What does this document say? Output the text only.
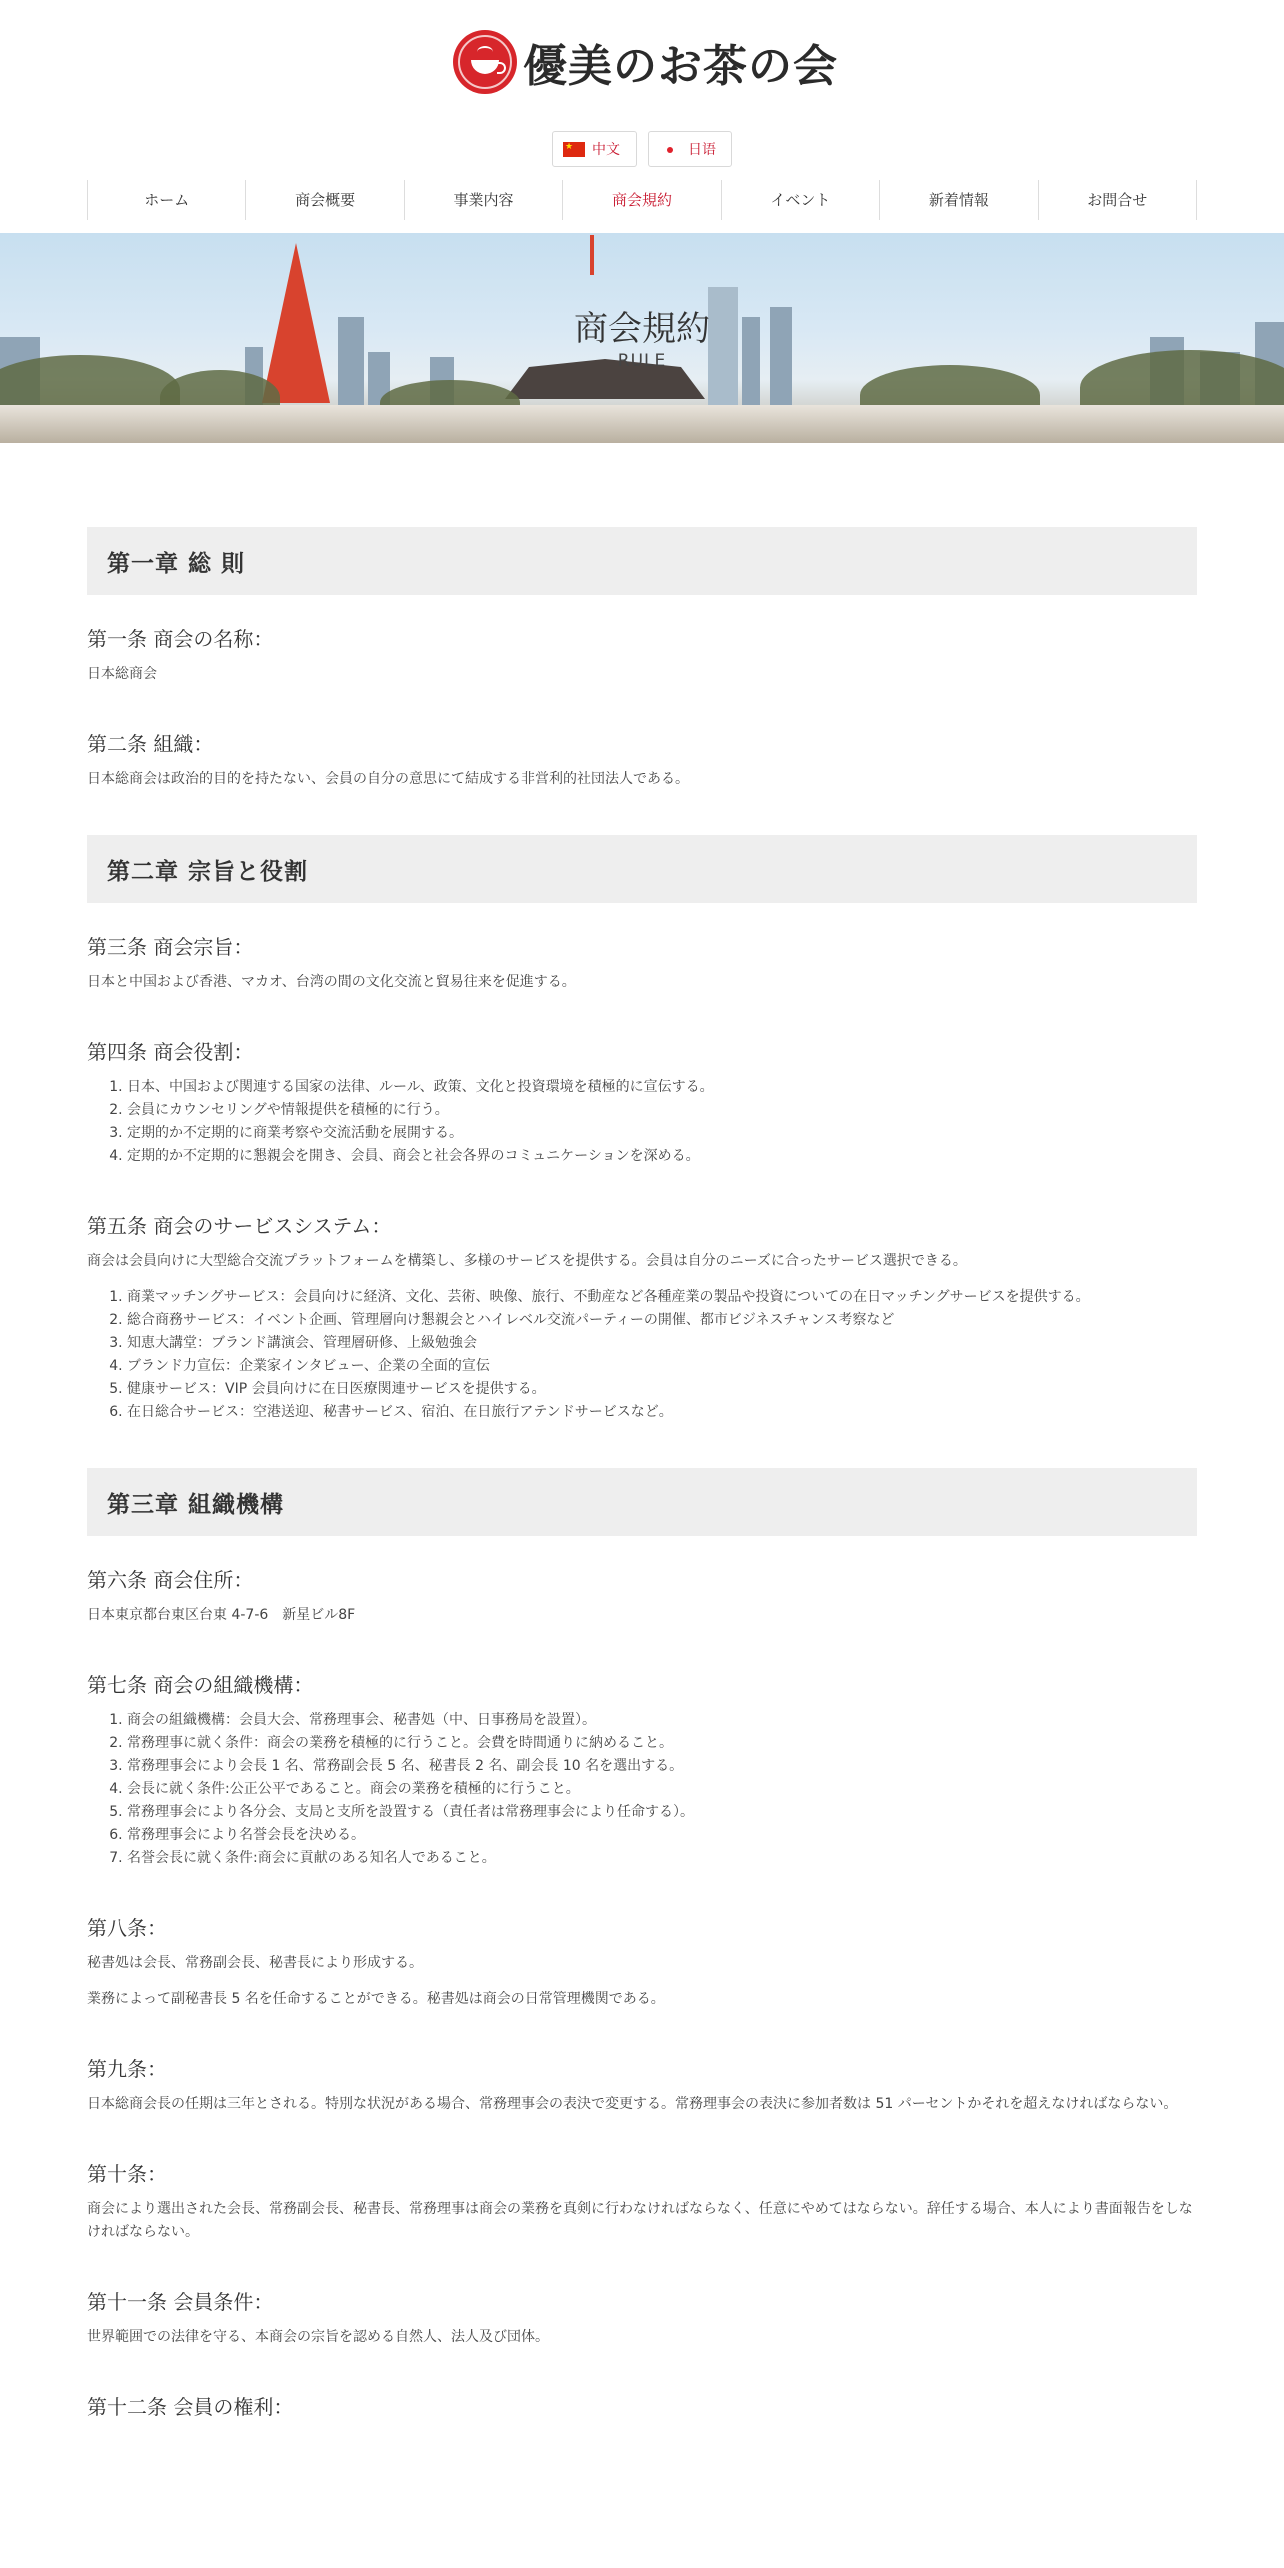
優美のお茶の会
★
中文	日语
ホーム	商会概要	事業内容	商会規約	イベント	新着情報	お問合せ
商会規約
RULE
第一章 総 則
第一条 商会の名称：

日本総商会

第二条 組織：

日本総商会は政治的目的を持たない、会員の自分の意思にて結成する非営利的社団法人である。

第二章 宗旨と役割
第三条 商会宗旨：

日本と中国および香港、マカオ、台湾の間の文化交流と貿易往来を促進する。

第四条 商会役割：
1. 日本、中国および関連する国家の法律、ルール、政策、文化と投資環境を積極的に宣伝する。
2. 会員にカウンセリングや情報提供を積極的に行う。
3. 定期的か不定期的に商業考察や交流活動を展開する。
4. 定期的か不定期的に懇親会を開き、会員、商会と社会各界のコミュニケーションを深める。
第五条 商会のサービスシステム：

商会は会員向けに大型総合交流プラットフォームを構築し、多様のサービスを提供する。会員は自分のニーズに合ったサービス選択できる。

1. 商業マッチングサービス：会員向けに経済、文化、芸術、映像、旅行、不動産など各種産業の製品や投資についての在日マッチングサービスを提供する。
2. 総合商務サービス：イベント企画、管理層向け懇親会とハイレベル交流パーティーの開催、都市ビジネスチャンス考察など
3. 知恵大講堂：ブランド講演会、管理層研修、上級勉強会
4. ブランド力宣伝：企業家インタビュー、企業の全面的宣伝
5. 健康サービス：VIP 会員向けに在日医療関連サービスを提供する。
6. 在日総合サービス：空港送迎、秘書サービス、宿泊、在日旅行アテンドサービスなど。
第三章 組織機構
第六条 商会住所：

日本東京都台東区台東 4-7-6　新星ビル8F

第七条 商会の組織機構：
1. 商会の組織機構：会員大会、常務理事会、秘書処（中、日事務局を設置）。
2. 常務理事に就く条件：商会の業務を積極的に行うこと。会費を時間通りに納めること。
3. 常務理事会により会長 1 名、常務副会長 5 名、秘書長 2 名、副会長 10 名を選出する。
4. 会長に就く条件:公正公平であること。商会の業務を積極的に行うこと。
5. 常務理事会により各分会、支局と支所を設置する（責任者は常務理事会により任命する）。
6. 常務理事会により名誉会長を決める。
7. 名誉会長に就く条件:商会に貢献のある知名人であること。
第八条：

秘書処は会長、常務副会長、秘書長により形成する。

業務によって副秘書長 5 名を任命することができる。秘書処は商会の日常管理機関である。

第九条：

日本総商会長の任期は三年とされる。特別な状況がある場合、常務理事会の表決で変更する。常務理事会の表決に参加者数は 51 パーセントかそれを超えなければならない。

第十条：

商会により選出された会長、常務副会長、秘書長、常務理事は商会の業務を真剣に行わなければならなく、任意にやめてはならない。辞任する場合、本人により書面報告をしなければならない。

第十一条 会員条件：

世界範囲での法律を守る、本商会の宗旨を認める自然人、法人及び団体。

第十二条 会員の権利：
